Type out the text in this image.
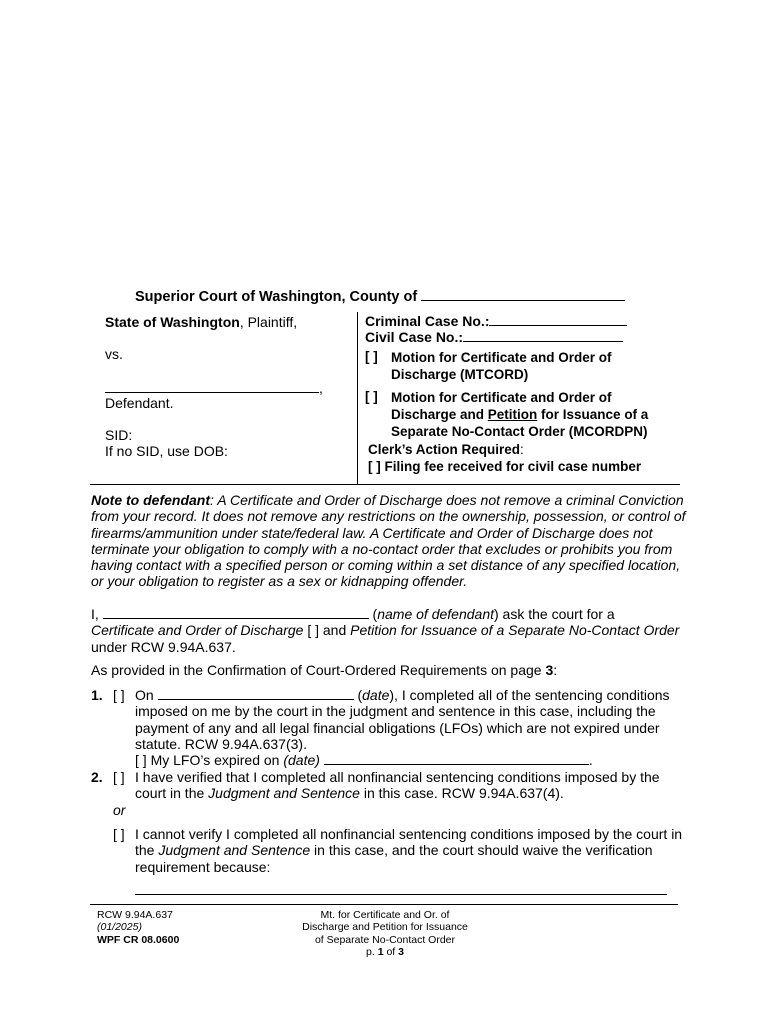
Superior Court of Washington, County of
State of Washington, Plaintiff,
vs.
,
Defendant.
SID:
If no SID, use DOB:
Criminal Case No.:
Civil Case No.:
[ ] Motion for Certificate and Order of
Discharge (MTCORD)
[ ] Motion for Certificate and Order of
Discharge and Petition for Issuance of a
Separate No-Contact Order (MCORDPN)
Clerk’s Action Required:
[ ] Filing fee received for civil case number
Note to defendant: A Certificate and Order of Discharge does not remove a criminal Conviction
from your record. It does not remove any restrictions on the ownership, possession, or control of
firearms/ammunition under state/federal law. A Certificate and Order of Discharge does not
terminate your obligation to comply with a no-contact order that excludes or prohibits you from
having contact with a specified person or coming within a set distance of any specified location,
or your obligation to register as a sex or kidnapping offender.
I,	(name of defendant) ask the court for a
Certificate and Order of Discharge [ ] and Petition for Issuance of a Separate No-Contact Order
under RCW 9.94A.637.
As provided in the Confirmation of Court-Ordered Requirements on page 3:
1. [ ] On	(date), I completed all of the sentencing conditions
imposed on me by the court in the judgment and sentence in this case, including the
payment of any and all legal financial obligations (LFOs) which are not expired under
statute. RCW 9.94A.637(3).
[ ] My LFO’s expired on (date)	.
2. [ ] I have verified that I completed all nonfinancial sentencing conditions imposed by the
court in the Judgment and Sentence in this case. RCW 9.94A.637(4).
or
[ ] I cannot verify I completed all nonfinancial sentencing conditions imposed by the court in
the Judgment and Sentence in this case, and the court should waive the verification
requirement because:
RCW 9.94A.637
(01/2025)
WPF CR 08.0600
Mt. for Certificate and Or. of
Discharge and Petition for Issuance
of Separate No-Contact Order
p. 1 of 3
